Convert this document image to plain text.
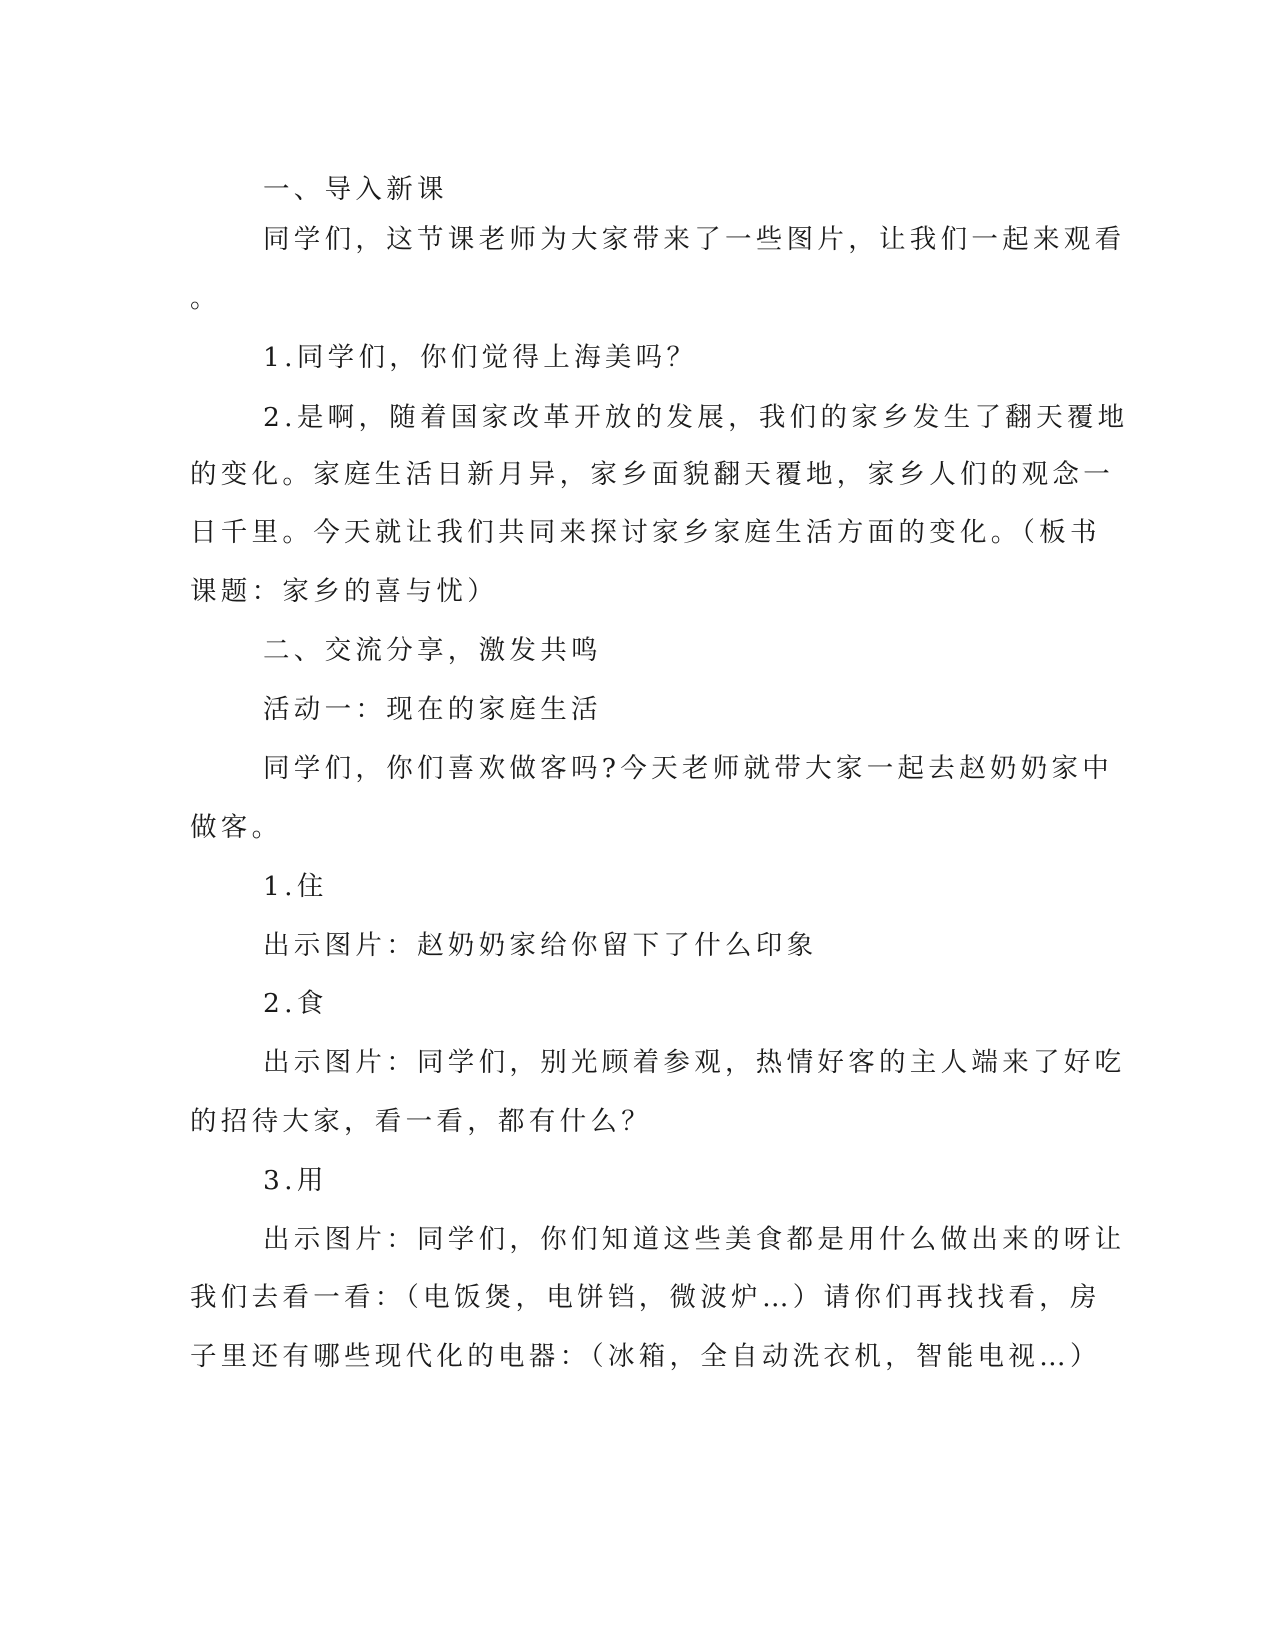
一、导入新课
同学们，这节课老师为大家带来了一些图片，让我们一起来观看
。
1.同学们，你们觉得上海美吗？
2.是啊，随着国家改革开放的发展，我们的家乡发生了翻天覆地
的变化。家庭生活日新月异，家乡面貌翻天覆地，家乡人们的观念一
日千里。今天就让我们共同来探讨家乡家庭生活方面的变化。（板书
课题：家乡的喜与忧）
二、交流分享，激发共鸣
活动一：现在的家庭生活
同学们，你们喜欢做客吗?今天老师就带大家一起去赵奶奶家中
做客。
1.住
出示图片：赵奶奶家给你留下了什么印象
2.食
出示图片：同学们，别光顾着参观，热情好客的主人端来了好吃
的招待大家，看一看，都有什么？
3.用
出示图片：同学们，你们知道这些美食都是用什么做出来的呀让
我们去看一看：（电饭煲，电饼铛，微波炉…）请你们再找找看，房
子里还有哪些现代化的电器：（冰箱，全自动洗衣机，智能电视…）
